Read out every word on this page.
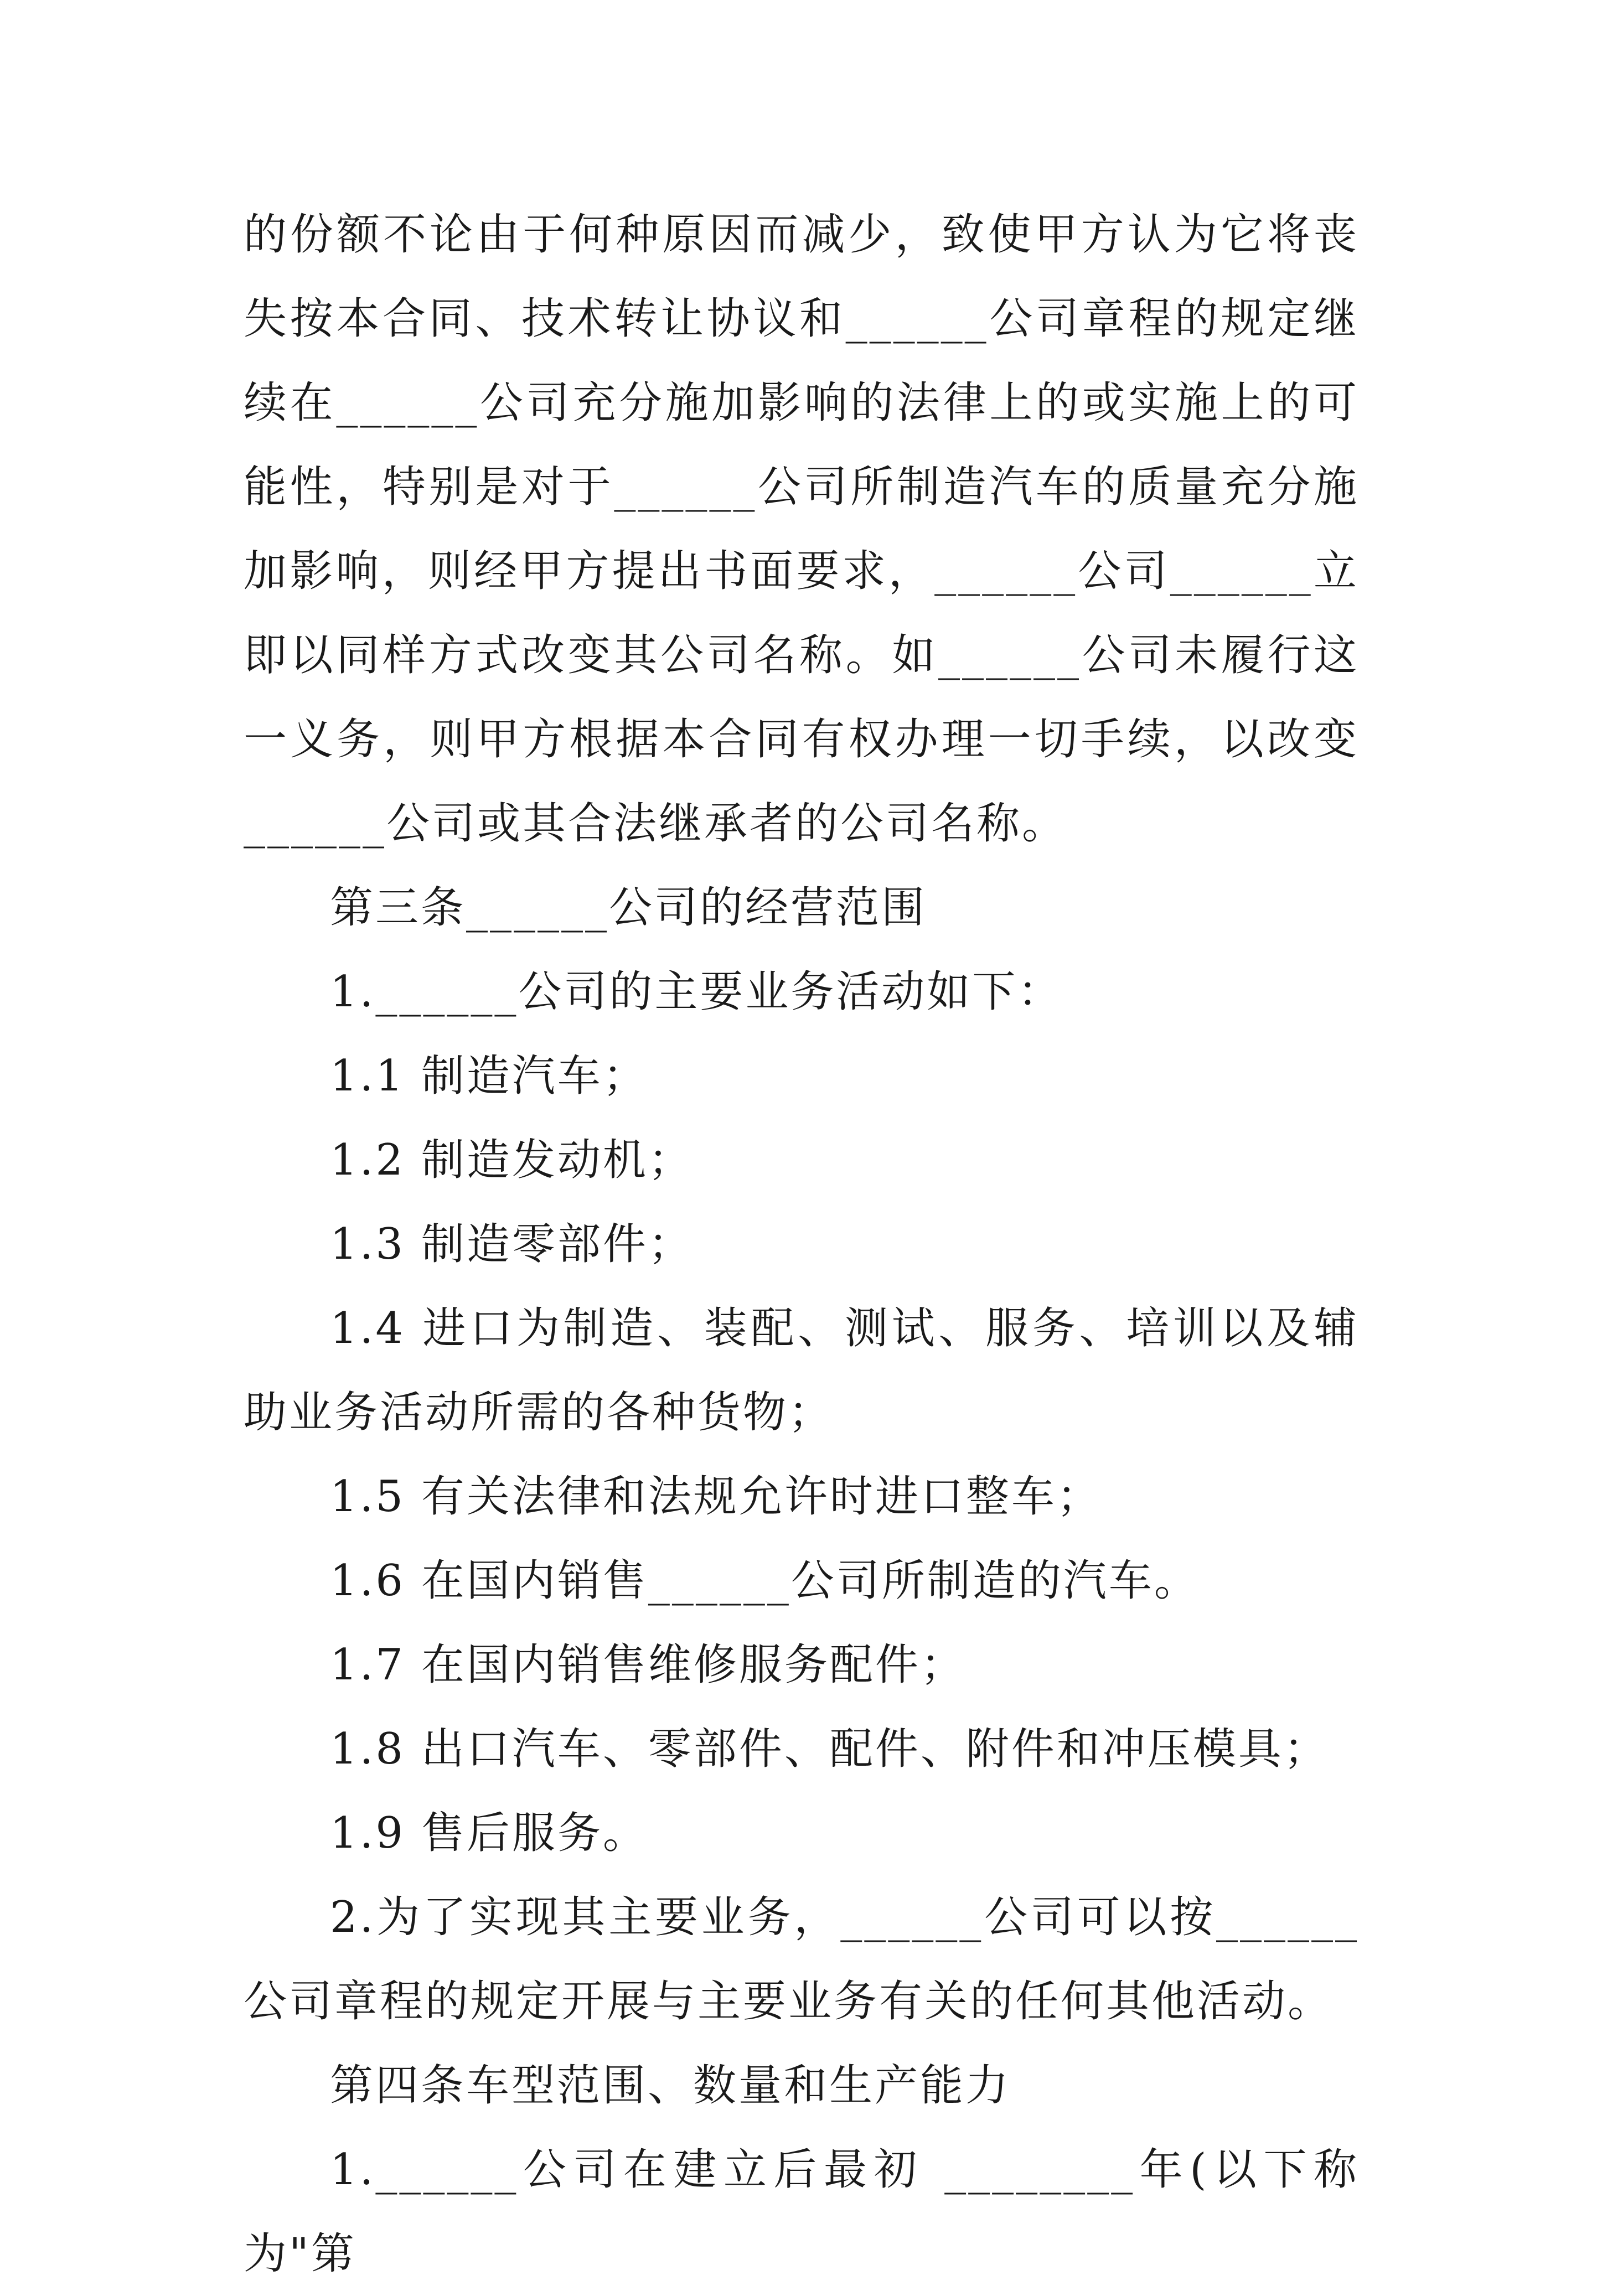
的份额不论由于何种原因而减少，致使甲方认为它将丧失按本合同、技术转让协议和______公司章程的规定继续在______公司充分施加影响的法律上的或实施上的可能性，特别是对于______公司所制造汽车的质量充分施加影响，则经甲方提出书面要求，______公司______立即以同样方式改变其公司名称。如______公司未履行这一义务，则甲方根据本合同有权办理一切手续，以改变______公司或其合法继承者的公司名称。

第三条______公司的经营范围

1.______公司的主要业务活动如下：

1.1 制造汽车；

1.2 制造发动机；

1.3 制造零部件；

1.4 进口为制造、装配、测试、服务、培训以及辅助业务活动所需的各种货物；

1.5 有关法律和法规允许时进口整车；

1.6 在国内销售______公司所制造的汽车。

1.7 在国内销售维修服务配件；

1.8 出口汽车、零部件、配件、附件和冲压模具；

1.9 售后服务。

2.为了实现其主要业务，______公司可以按______公司章程的规定开展与主要业务有关的任何其他活动。

第四条车型范围、数量和生产能力

1.______公司在建立后最初 ________年(以下称为"第
